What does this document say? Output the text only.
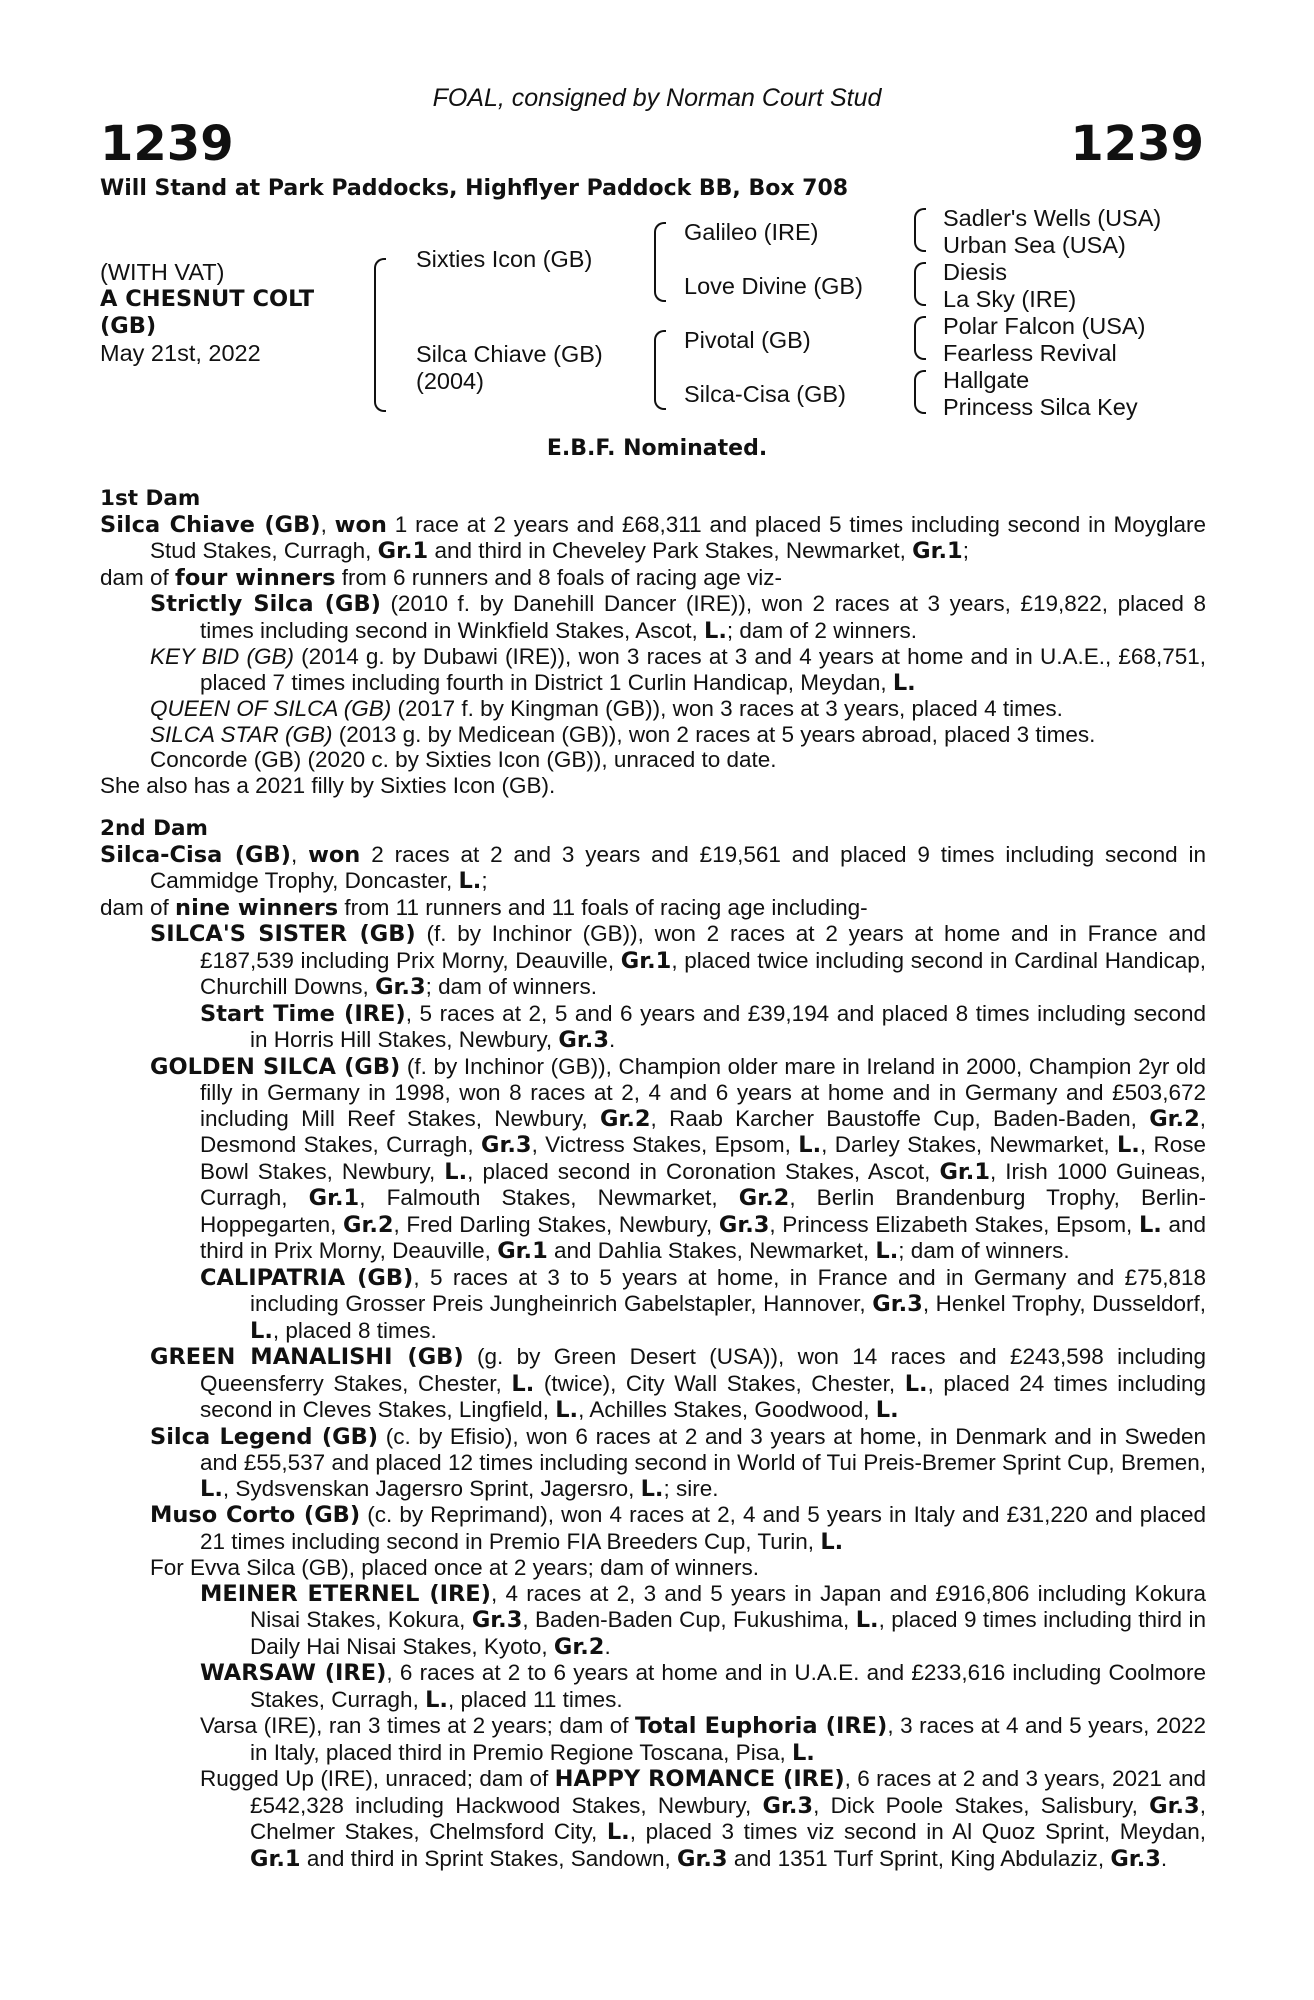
FOAL, consigned by Norman Court Stud
1239	1239
Will Stand at Park Paddocks, Highflyer Paddock BB, Box 708
(WITH VAT)
A CHESNUT COLT
(GB)
May 21st, 2022
Sixties Icon (GB)
Silca Chiave (GB)
(2004)
Galileo (IRE)
Love Divine (GB)
Pivotal (GB)
Silca-Cisa (GB)
Sadler's Wells (USA)
Urban Sea (USA)
Diesis
La Sky (IRE)
Polar Falcon (USA)
Fearless Revival
Hallgate
Princess Silca Key
E.B.F. Nominated.

1st Dam

Silca Chiave (GB), won 1 race at 2 years and £68,311 and placed 5 times including second in Moyglare Stud Stakes, Curragh, Gr.1 and third in Cheveley Park Stakes, Newmarket, Gr.1;

dam of four winners from 6 runners and 8 foals of racing age viz-

Strictly Silca (GB) (2010 f. by Danehill Dancer (IRE)), won 2 races at 3 years, £19,822, placed 8 times including second in Winkfield Stakes, Ascot, L.; dam of 2 winners.

KEY BID (GB) (2014 g. by Dubawi (IRE)), won 3 races at 3 and 4 years at home and in U.A.E., £68,751, placed 7 times including fourth in District 1 Curlin Handicap, Meydan, L.

QUEEN OF SILCA (GB) (2017 f. by Kingman (GB)), won 3 races at 3 years, placed 4 times.

SILCA STAR (GB) (2013 g. by Medicean (GB)), won 2 races at 5 years abroad, placed 3 times.

Concorde (GB) (2020 c. by Sixties Icon (GB)), unraced to date.

She also has a 2021 filly by Sixties Icon (GB).

2nd Dam

Silca-Cisa (GB), won 2 races at 2 and 3 years and £19,561 and placed 9 times including second in Cammidge Trophy, Doncaster, L.;

dam of nine winners from 11 runners and 11 foals of racing age including-

SILCA'S SISTER (GB) (f. by Inchinor (GB)), won 2 races at 2 years at home and in France and £187,539 including Prix Morny, Deauville, Gr.1, placed twice including second in Cardinal Handicap, Churchill Downs, Gr.3; dam of winners.

Start Time (IRE), 5 races at 2, 5 and 6 years and £39,194 and placed 8 times including second in Horris Hill Stakes, Newbury, Gr.3.

GOLDEN SILCA (GB) (f. by Inchinor (GB)), Champion older mare in Ireland in 2000, Champion 2yr old filly in Germany in 1998, won 8 races at 2, 4 and 6 years at home and in Germany and £503,672 including Mill Reef Stakes, Newbury, Gr.2, Raab Karcher Baustoffe Cup, Baden-Baden, Gr.2, Desmond Stakes, Curragh, Gr.3, Victress Stakes, Epsom, L., Darley Stakes, Newmarket, L., Rose Bowl Stakes, Newbury, L., placed second in Coronation Stakes, Ascot, Gr.1, Irish 1000 Guineas, Curragh, Gr.1, Falmouth Stakes, Newmarket, Gr.2, Berlin Brandenburg Trophy, Berlin-Hoppegarten, Gr.2, Fred Darling Stakes, Newbury, Gr.3, Princess Elizabeth Stakes, Epsom, L. and third in Prix Morny, Deauville, Gr.1 and Dahlia Stakes, Newmarket, L.; dam of winners.

CALIPATRIA (GB), 5 races at 3 to 5 years at home, in France and in Germany and £75,818 including Grosser Preis Jungheinrich Gabelstapler, Hannover, Gr.3, Henkel Trophy, Dusseldorf, L., placed 8 times.

GREEN MANALISHI (GB) (g. by Green Desert (USA)), won 14 races and £243,598 including Queensferry Stakes, Chester, L. (twice), City Wall Stakes, Chester, L., placed 24 times including second in Cleves Stakes, Lingfield, L., Achilles Stakes, Goodwood, L.

Silca Legend (GB) (c. by Efisio), won 6 races at 2 and 3 years at home, in Denmark and in Sweden and £55,537 and placed 12 times including second in World of Tui Preis-Bremer Sprint Cup, Bremen, L., Sydsvenskan Jagersro Sprint, Jagersro, L.; sire.

Muso Corto (GB) (c. by Reprimand), won 4 races at 2, 4 and 5 years in Italy and £31,220 and placed 21 times including second in Premio FIA Breeders Cup, Turin, L.

For Evva Silca (GB), placed once at 2 years; dam of winners.

MEINER ETERNEL (IRE), 4 races at 2, 3 and 5 years in Japan and £916,806 including Kokura Nisai Stakes, Kokura, Gr.3, Baden-Baden Cup, Fukushima, L., placed 9 times including third in Daily Hai Nisai Stakes, Kyoto, Gr.2.

WARSAW (IRE), 6 races at 2 to 6 years at home and in U.A.E. and £233,616 including Coolmore Stakes, Curragh, L., placed 11 times.

Varsa (IRE), ran 3 times at 2 years; dam of Total Euphoria (IRE), 3 races at 4 and 5 years, 2022 in Italy, placed third in Premio Regione Toscana, Pisa, L.

Rugged Up (IRE), unraced; dam of HAPPY ROMANCE (IRE), 6 races at 2 and 3 years, 2021 and £542,328 including Hackwood Stakes, Newbury, Gr.3, Dick Poole Stakes, Salisbury, Gr.3, Chelmer Stakes, Chelmsford City, L., placed 3 times viz second in Al Quoz Sprint, Meydan, Gr.1 and third in Sprint Stakes, Sandown, Gr.3 and 1351 Turf Sprint, King Abdulaziz, Gr.3.
